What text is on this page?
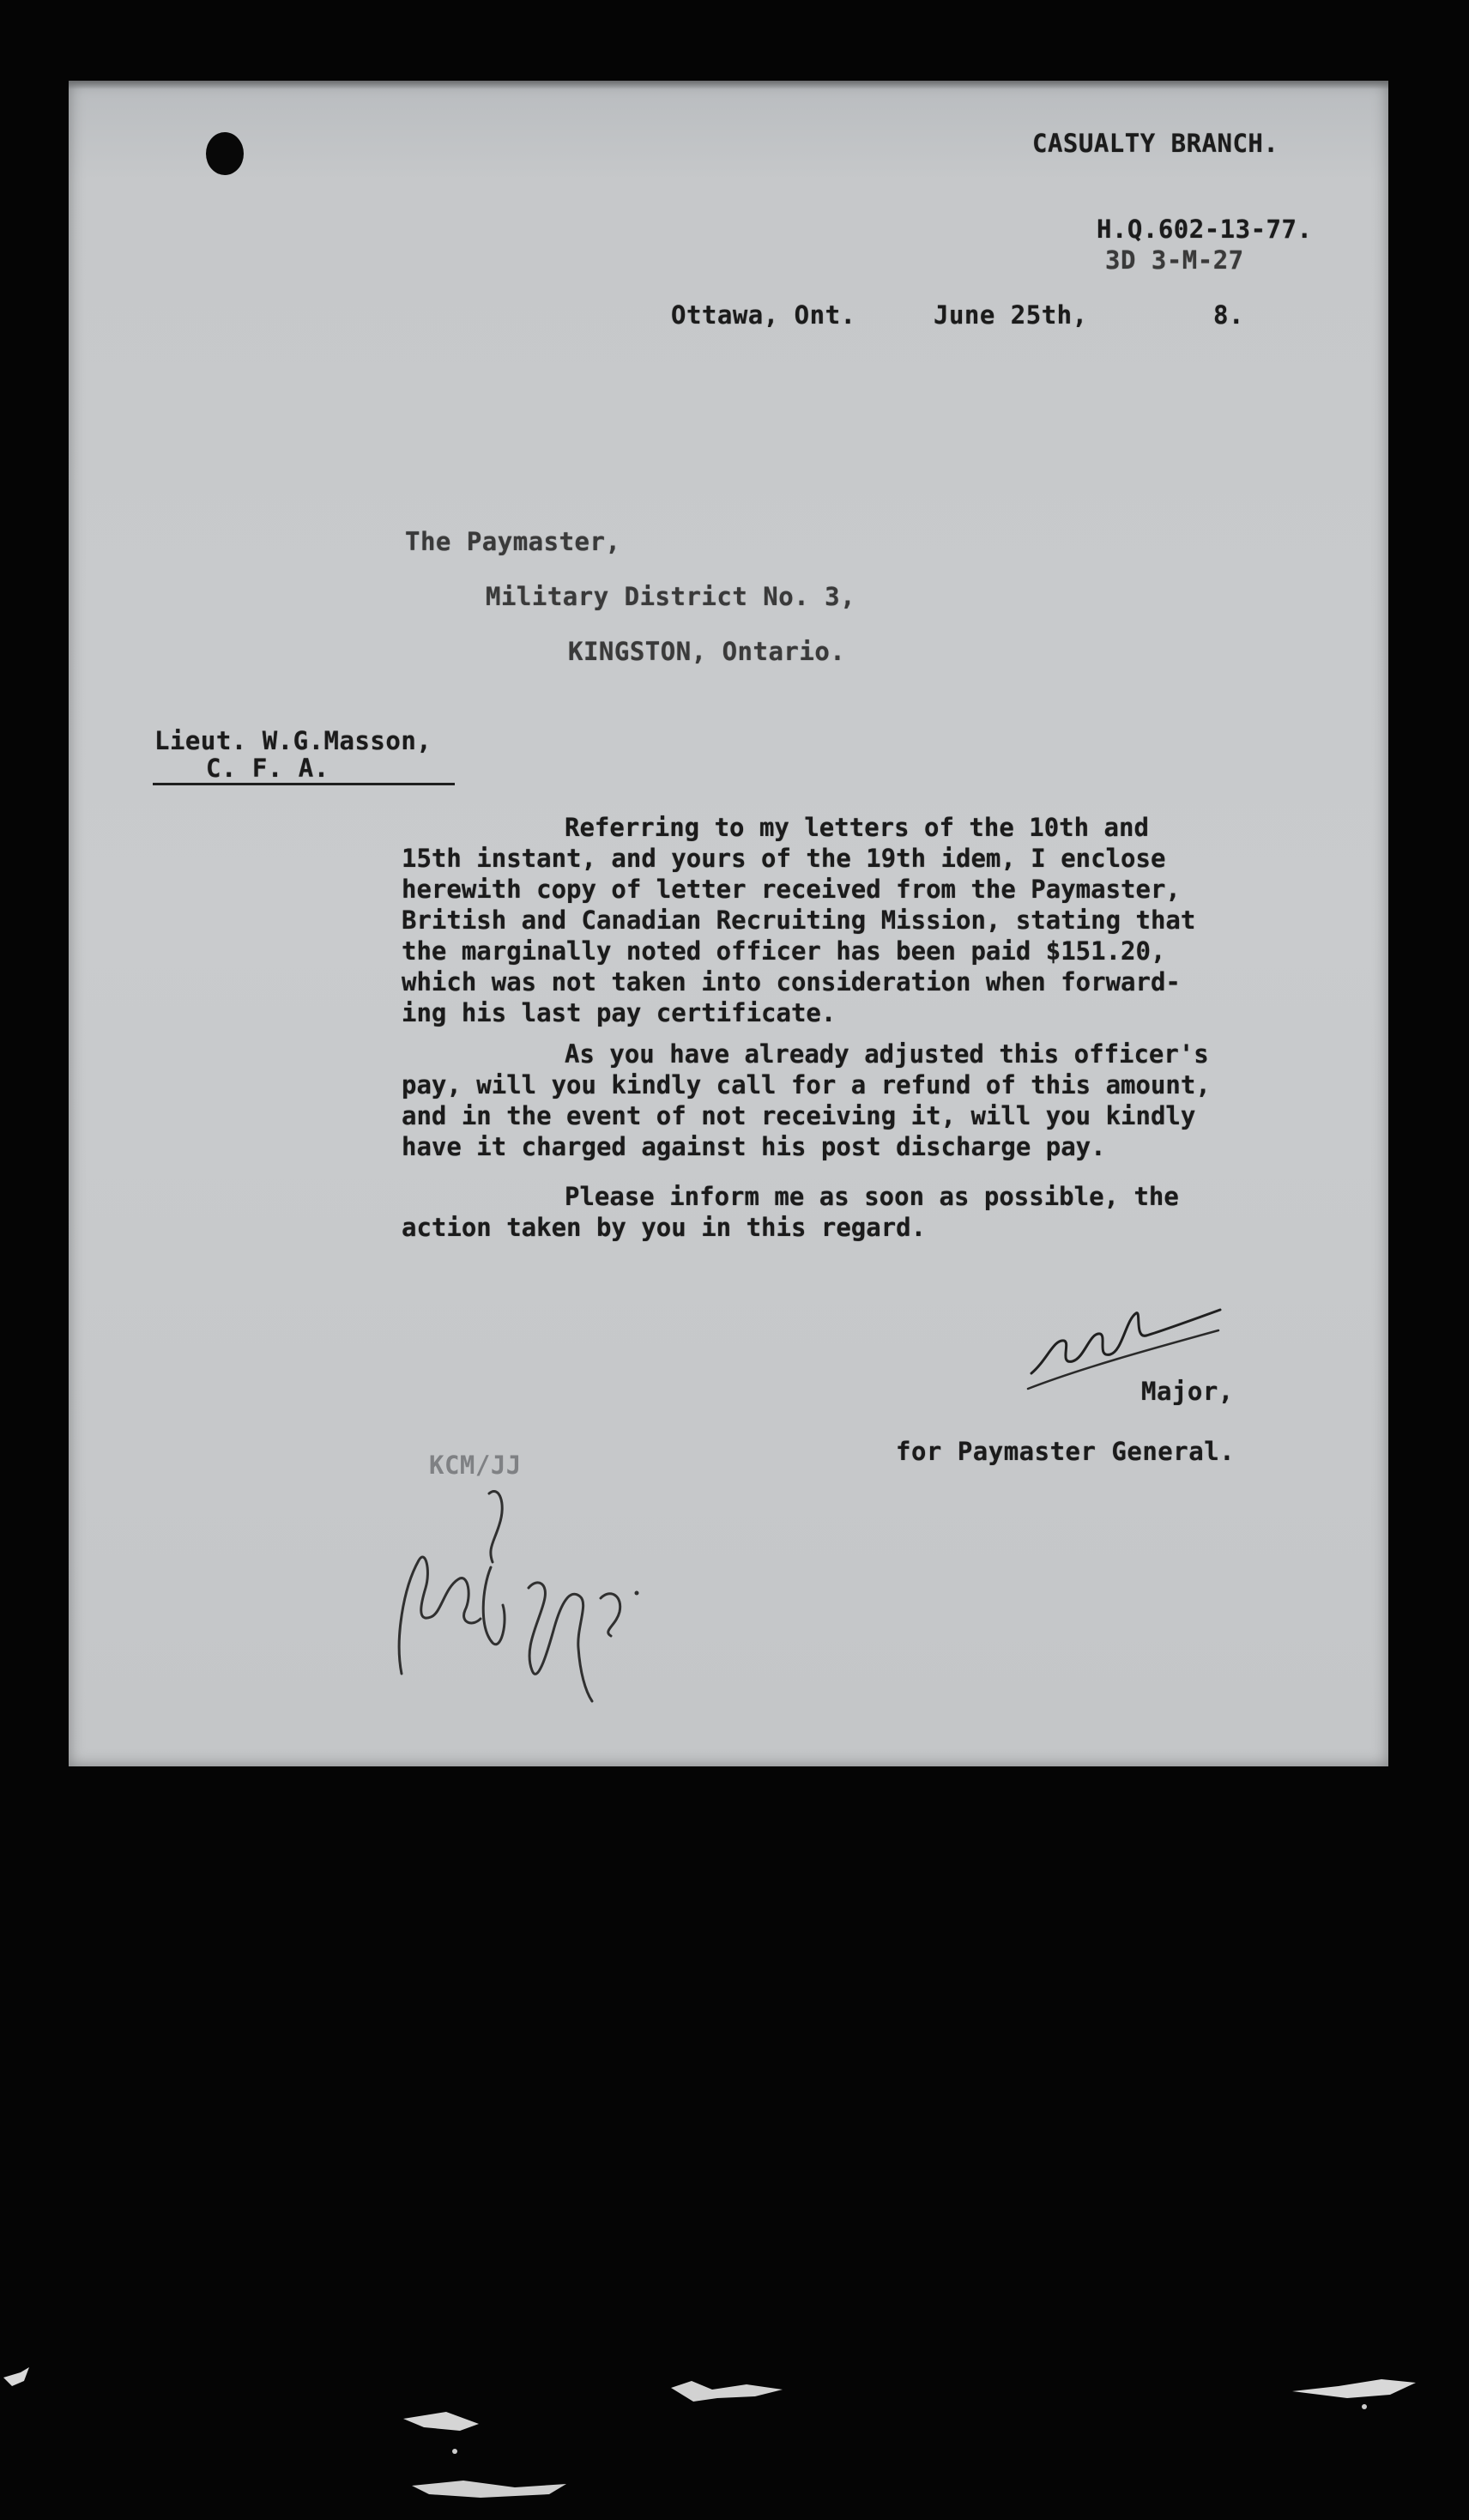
CASUALTY BRANCH.
H.Q.602-13-77.
3D 3-M-27
Ottawa, Ont.	June 25th,	8.
The Paymaster,
Military District No. 3,
KINGSTON, Ontario.
Lieut. W.G.Masson,
C. F. A.
Referring to my letters of the 10th and
15th instant, and yours of the 19th idem, I enclose
herewith copy of letter received from the Paymaster,
British and Canadian Recruiting Mission, stating that
the marginally noted officer has been paid $151.20,
which was not taken into consideration when forward-
ing his last pay certificate.
As you have already adjusted this officer's
pay, will you kindly call for a refund of this amount,
and in the event of not receiving it, will you kindly
have it charged against his post discharge pay.
Please inform me as soon as possible, the
action taken by you in this regard.
Major,
for Paymaster General.
KCM/JJ
